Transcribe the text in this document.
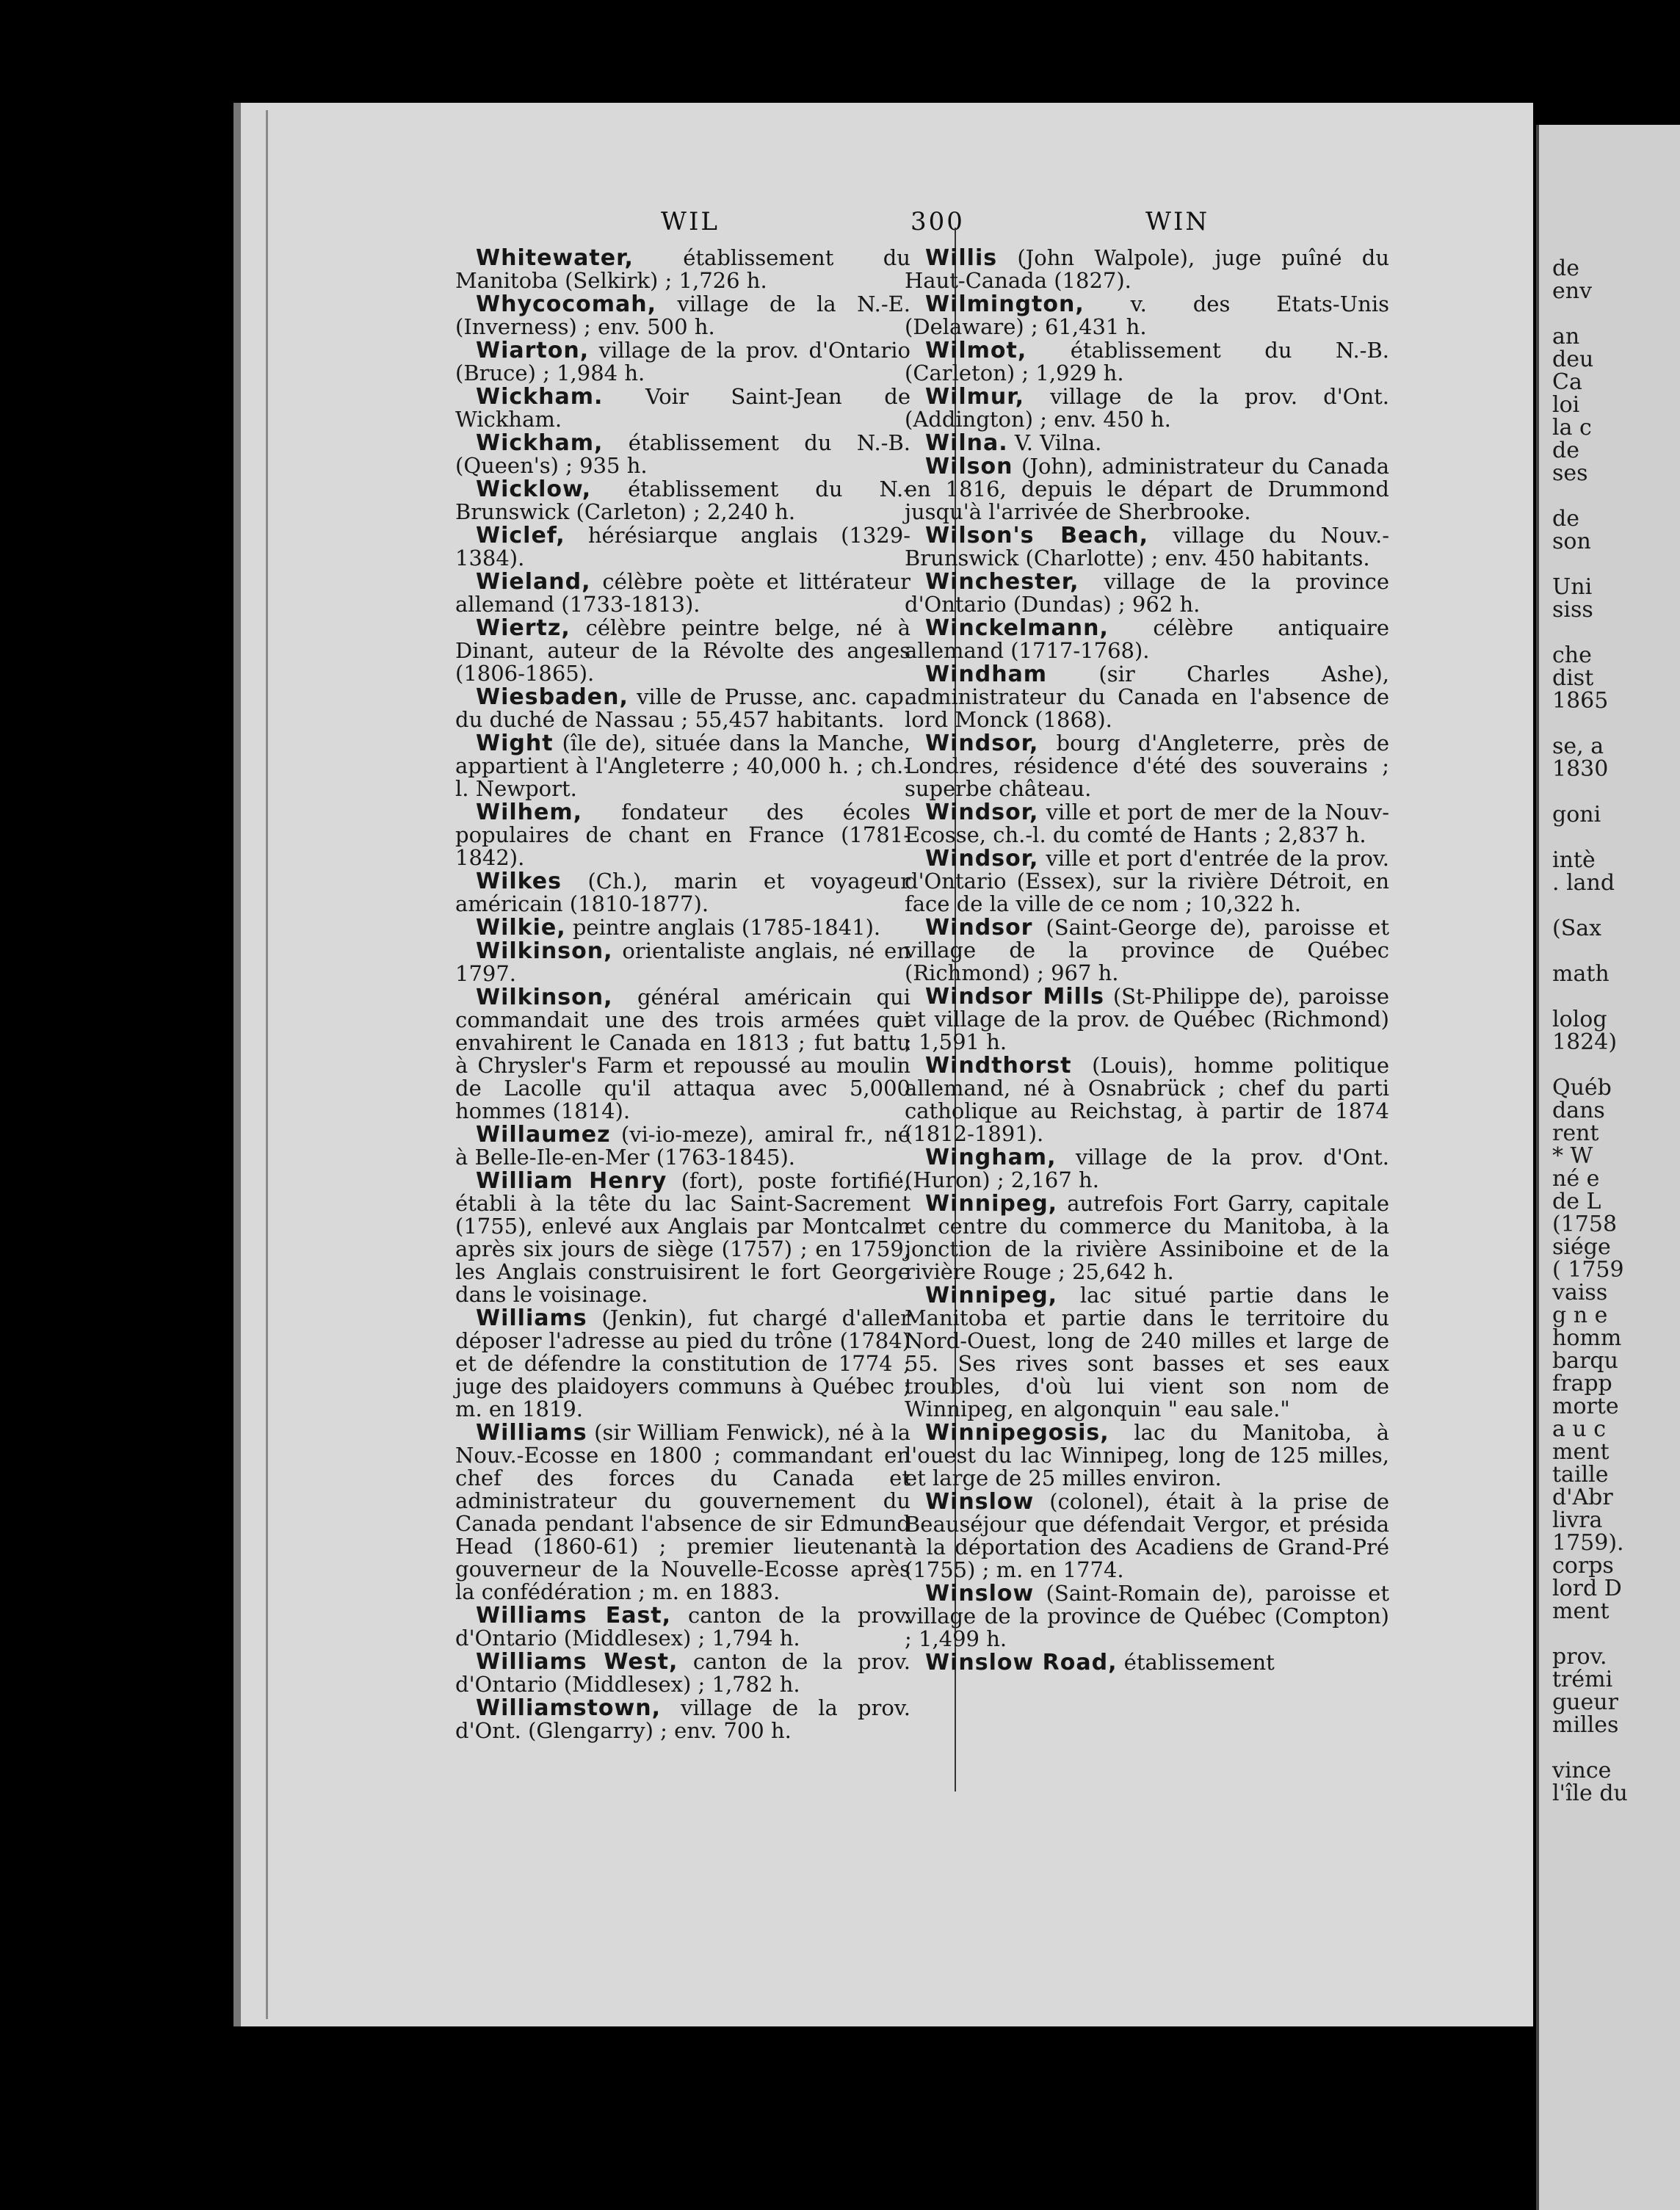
de
env

an
deu
Ca
loi
la c
de
ses

de
son

Uni
siss

che
dist
1865

se, a
1830

goni

intè
. land

(Sax

math

lolog
1824)

Québ
dans
rent
* W
né e
de L
(1758
siége
( 1759
vaiss
g n e
homm
barqu
frapp
morte
a u c
ment
taille
d'Abr
livra
1759).
corps
lord D
ment

prov.
trémi
gueur
milles

vince
l'île du
WIL	300	WIN
Whitewater, établissement du Manitoba (Selkirk) ; 1,726 h.
Whycocomah, village de la N.-E. (Inverness) ; env. 500 h.
Wiarton, village de la prov. d'Ontario (Bruce) ; 1,984 h.
Wickham. Voir Saint-Jean de Wickham.
Wickham, établissement du N.-B. (Queen's) ; 935 h.
Wicklow, établissement du N.-Brunswick (Carleton) ; 2,240 h.
Wiclef, hérésiarque anglais (1329-1384).
Wieland, célèbre poète et littérateur allemand (1733-1813).
Wiertz, célèbre peintre belge, né à Dinant, auteur de la Révolte des anges (1806-1865).
Wiesbaden, ville de Prusse, anc. cap. du duché de Nassau ; 55,457 habitants.
Wight (île de), située dans la Manche, appartient à l'Angleterre ; 40,000 h. ; ch.-l. Newport.
Wilhem, fondateur des écoles populaires de chant en France (1781-1842).
Wilkes (Ch.), marin et voyageur américain (1810-1877).
Wilkie, peintre anglais (1785-1841).
Wilkinson, orientaliste anglais, né en 1797.
Wilkinson, général américain qui commandait une des trois armées qui envahirent le Canada en 1813 ; fut battu à Chrysler's Farm et repoussé au moulin de Lacolle qu'il attaqua avec 5,000 hommes (1814).
Willaumez (vi-io-meze), amiral fr., né à Belle-Ile-en-Mer (1763-1845).
William Henry (fort), poste fortifié, établi à la tête du lac Saint-Sacrement (1755), enlevé aux Anglais par Montcalm après six jours de siège (1757) ; en 1759, les Anglais construisirent le fort George dans le voisinage.
Williams (Jenkin), fut chargé d'aller déposer l'adresse au pied du trône (1784) et de défendre la constitution de 1774 ; juge des plaidoyers communs à Québec ; m. en 1819.
Williams (sir William Fenwick), né à la Nouv.-Ecosse en 1800 ; commandant en chef des forces du Canada et administrateur du gouvernement du Canada pendant l'absence de sir Edmund Head (1860-61) ; premier lieutenant-gouverneur de la Nouvelle-Ecosse après la confédération ; m. en 1883.
Williams East, canton de la prov. d'Ontario (Middlesex) ; 1,794 h.
Williams West, canton de la prov. d'Ontario (Middlesex) ; 1,782 h.
Williamstown, village de la prov. d'Ont. (Glengarry) ; env. 700 h.
Willis (John Walpole), juge puîné du Haut-Canada (1827).
Wilmington, v. des Etats-Unis (Delaware) ; 61,431 h.
Wilmot, établissement du N.-B. (Carleton) ; 1,929 h.
Wilmur, village de la prov. d'Ont. (Addington) ; env. 450 h.
Wilna. V. Vilna.
Wilson (John), administrateur du Canada en 1816, depuis le départ de Drummond jusqu'à l'arrivée de Sherbrooke.
Wilson's Beach, village du Nouv.-Brunswick (Charlotte) ; env. 450 habitants.
Winchester, village de la province d'Ontario (Dundas) ; 962 h.
Winckelmann, célèbre antiquaire allemand (1717-1768).
Windham (sir Charles Ashe), administrateur du Canada en l'absence de lord Monck (1868).
Windsor, bourg d'Angleterre, près de Londres, résidence d'été des souverains ; superbe château.
Windsor, ville et port de mer de la Nouv-Ecosse, ch.-l. du comté de Hants ; 2,837 h.
Windsor, ville et port d'entrée de la prov. d'Ontario (Essex), sur la rivière Détroit, en face de la ville de ce nom ; 10,322 h.
Windsor (Saint-George de), paroisse et village de la province de Québec (Richmond) ; 967 h.
Windsor Mills (St-Philippe de), paroisse et village de la prov. de Québec (Richmond) ; 1,591 h.
Windthorst (Louis), homme politique allemand, né à Osnabrück ; chef du parti catholique au Reichstag, à partir de 1874 (1812-1891).
Wingham, village de la prov. d'Ont. (Huron) ; 2,167 h.
Winnipeg, autrefois Fort Garry, capitale et centre du commerce du Manitoba, à la jonction de la rivière Assiniboine et de la rivière Rouge ; 25,642 h.
Winnipeg, lac situé partie dans le Manitoba et partie dans le territoire du Nord-Ouest, long de 240 milles et large de 55. Ses rives sont basses et ses eaux troubles, d'où lui vient son nom de Winnipeg, en algonquin " eau sale."
Winnipegosis, lac du Manitoba, à l'ouest du lac Winnipeg, long de 125 milles, et large de 25 milles environ.
Winslow (colonel), était à la prise de Beauséjour que défendait Vergor, et présida à la déportation des Acadiens de Grand-Pré (1755) ; m. en 1774.
Winslow (Saint-Romain de), paroisse et village de la province de Québec (Compton) ; 1,499 h.
Winslow Road, établissement
